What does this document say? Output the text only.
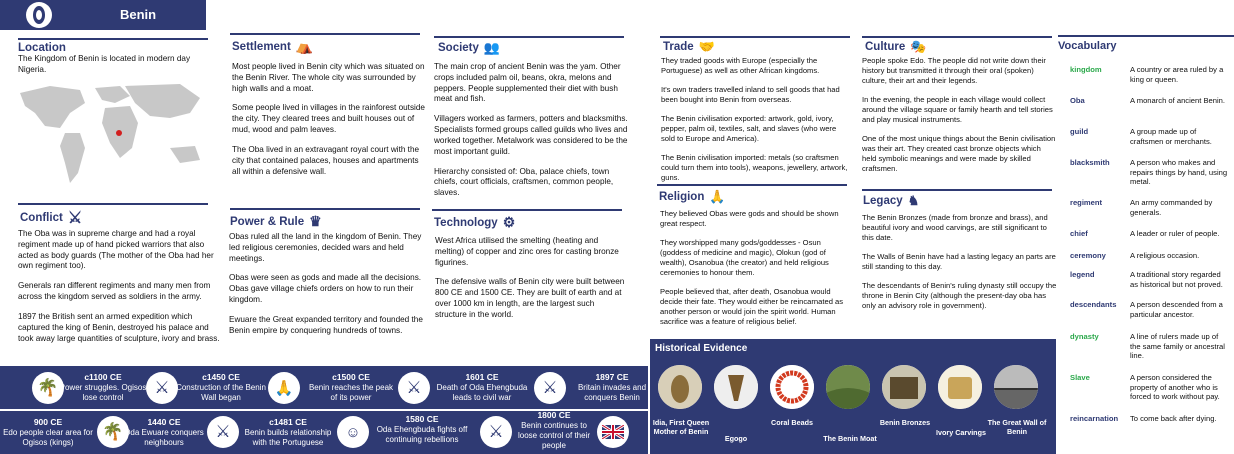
Benin
Location
The Kingdom of Benin is located in modern day Nigeria.
Conflict ⚔

The Oba was in supreme charge and had a royal regiment made up of hand picked warriors that also acted as body guards (The mother of the Oba had her own regiment too).

Generals ran different regiments and many men from across the kingdom served as soldiers in the army.

1897 the British sent an armed expedition which captured the king of Benin, destroyed his palace and took away large quantities of sculpture, ivory and brass.

Settlement ⛺

Most people lived in Benin city which was situated on the Benin River. The whole city was surrounded by high walls and a moat.

Some people lived in villages in the rainforest outside the city. They cleared trees and built houses out of mud, wood and palm leaves.

The Oba lived in an extravagant royal court with the city that contained palaces, houses and apartments all within a defensive wall.

Power & Rule ♛

Obas ruled all the land in the kingdom of Benin. They led religious ceremonies, decided wars and held meetings.

Obas were seen as gods and made all the decisions. Obas gave village chiefs orders on how to run their kingdom.

Ewuare the Great expanded territory and founded the Benin empire by conquering hundreds of towns.

Society 👥

The main crop of ancient Benin was the yam. Other crops included palm oil, beans, okra, melons and peppers. People supplemented their diet with bush meat and fish.

Villagers worked as farmers, potters and blacksmiths. Specialists formed groups called guilds who lives and worked together. Metalwork was considered to be the most important guild.

Hierarchy consisted of: Oba, palace chiefs, town chiefs, court officials, craftsmen, common people, slaves.

Technology ⚙

West Africa utilised the smelting (heating and melting) of copper and zinc ores for casting bronze figurines.

The defensive walls of Benin city were built between 800 CE and 1500 CE. They are built of earth and at over 1000 km in length, are the largest such structure in the world.

🌴
c1100 CE
Power struggles. Ogisos lose control
⚔
c1450 CE
Construction of the Benin Wall began
🙏
c1500 CE
Benin reaches the peak of its power
⚔
1601 CE
Death of Oda Ehengbuda leads to civil war
⚔
1897 CE
Britain invades and conquers Benin
900 CE
Edo people clear area for Ogisos (kings)
🌴	1440 CE
Oda Ewuare conquers neighbours
⚔	c1481 CE
Benin builds relationship with the Portuguese
☺
1580 CE
Oda Ehengbuda fights off continuing rebellions	⚔
1800 CE
Benin continues to loose control of their people
Trade 🤝

They traded goods with Europe (especially the Portuguese) as well as other African kingdoms.

It's own traders travelled inland to sell goods that had been bought into Benin from overseas.

The Benin civilisation exported: artwork, gold, ivory, pepper, palm oil, textiles, salt, and slaves (who were sold to Europe and America).

The Benin civilisation imported: metals (so craftsmen could turn them into tools), weapons, jewellery, artwork, guns.

Religion 🙏

They believed Obas were gods and should be shown great respect.

They worshipped many gods/goddesses - Osun (goddess of medicine and magic), Olokun (god of wealth), Osanobua (the creator) and held religious ceremonies to honour them.

People believed that, after death, Osanobua would decide their fate. They would either be reincarnated as another person or would join the spirit world. Human sacrifice was a feature of religious belief.

Culture 🎭

People spoke Edo. The people did not write down their history but transmitted it through their oral (spoken) culture, their art and their legends.

In the evening, the people in each village would collect around the village square or family hearth and tell stories and play musical instruments.

One of the most unique things about the Benin civilisation was their art. They created cast bronze objects which held symbolic meanings and were made by skilled craftsmen.

Legacy ♞

The Benin Bronzes (made from bronze and brass), and beautiful ivory and wood carvings, are still significant to this date.

The Walls of Benin have had a lasting legacy an parts are still standing to this day.

The descendants of Benin's ruling dynasty still occupy the throne in Benin City (although the present-day oba has only an advisory role in government).

Historical Evidence
Idia, First Queen Mother of Benin
Egogo
Coral Beads
The Benin Moat
Benin Bronzes
Ivory Carvings
The Great Wall of Benin
Vocabulary
kingdom	A country or area ruled by a king or queen.
Oba	A monarch of ancient Benin.
guild	A group made up of craftsmen or merchants.
blacksmith	A person who makes and repairs things by hand, using metal.
regiment	An army commanded by generals.
chief	A leader or ruler of people.
ceremony	A religious occasion.
legend	A traditional story regarded as historical but not proved.
descendants A person descended from a particular ancestor.
dynasty	A line of rulers made up of the same family or ancestral line.
Slave	A person considered the property of another who is forced to work without pay.
reincarnation To come back after dying.
